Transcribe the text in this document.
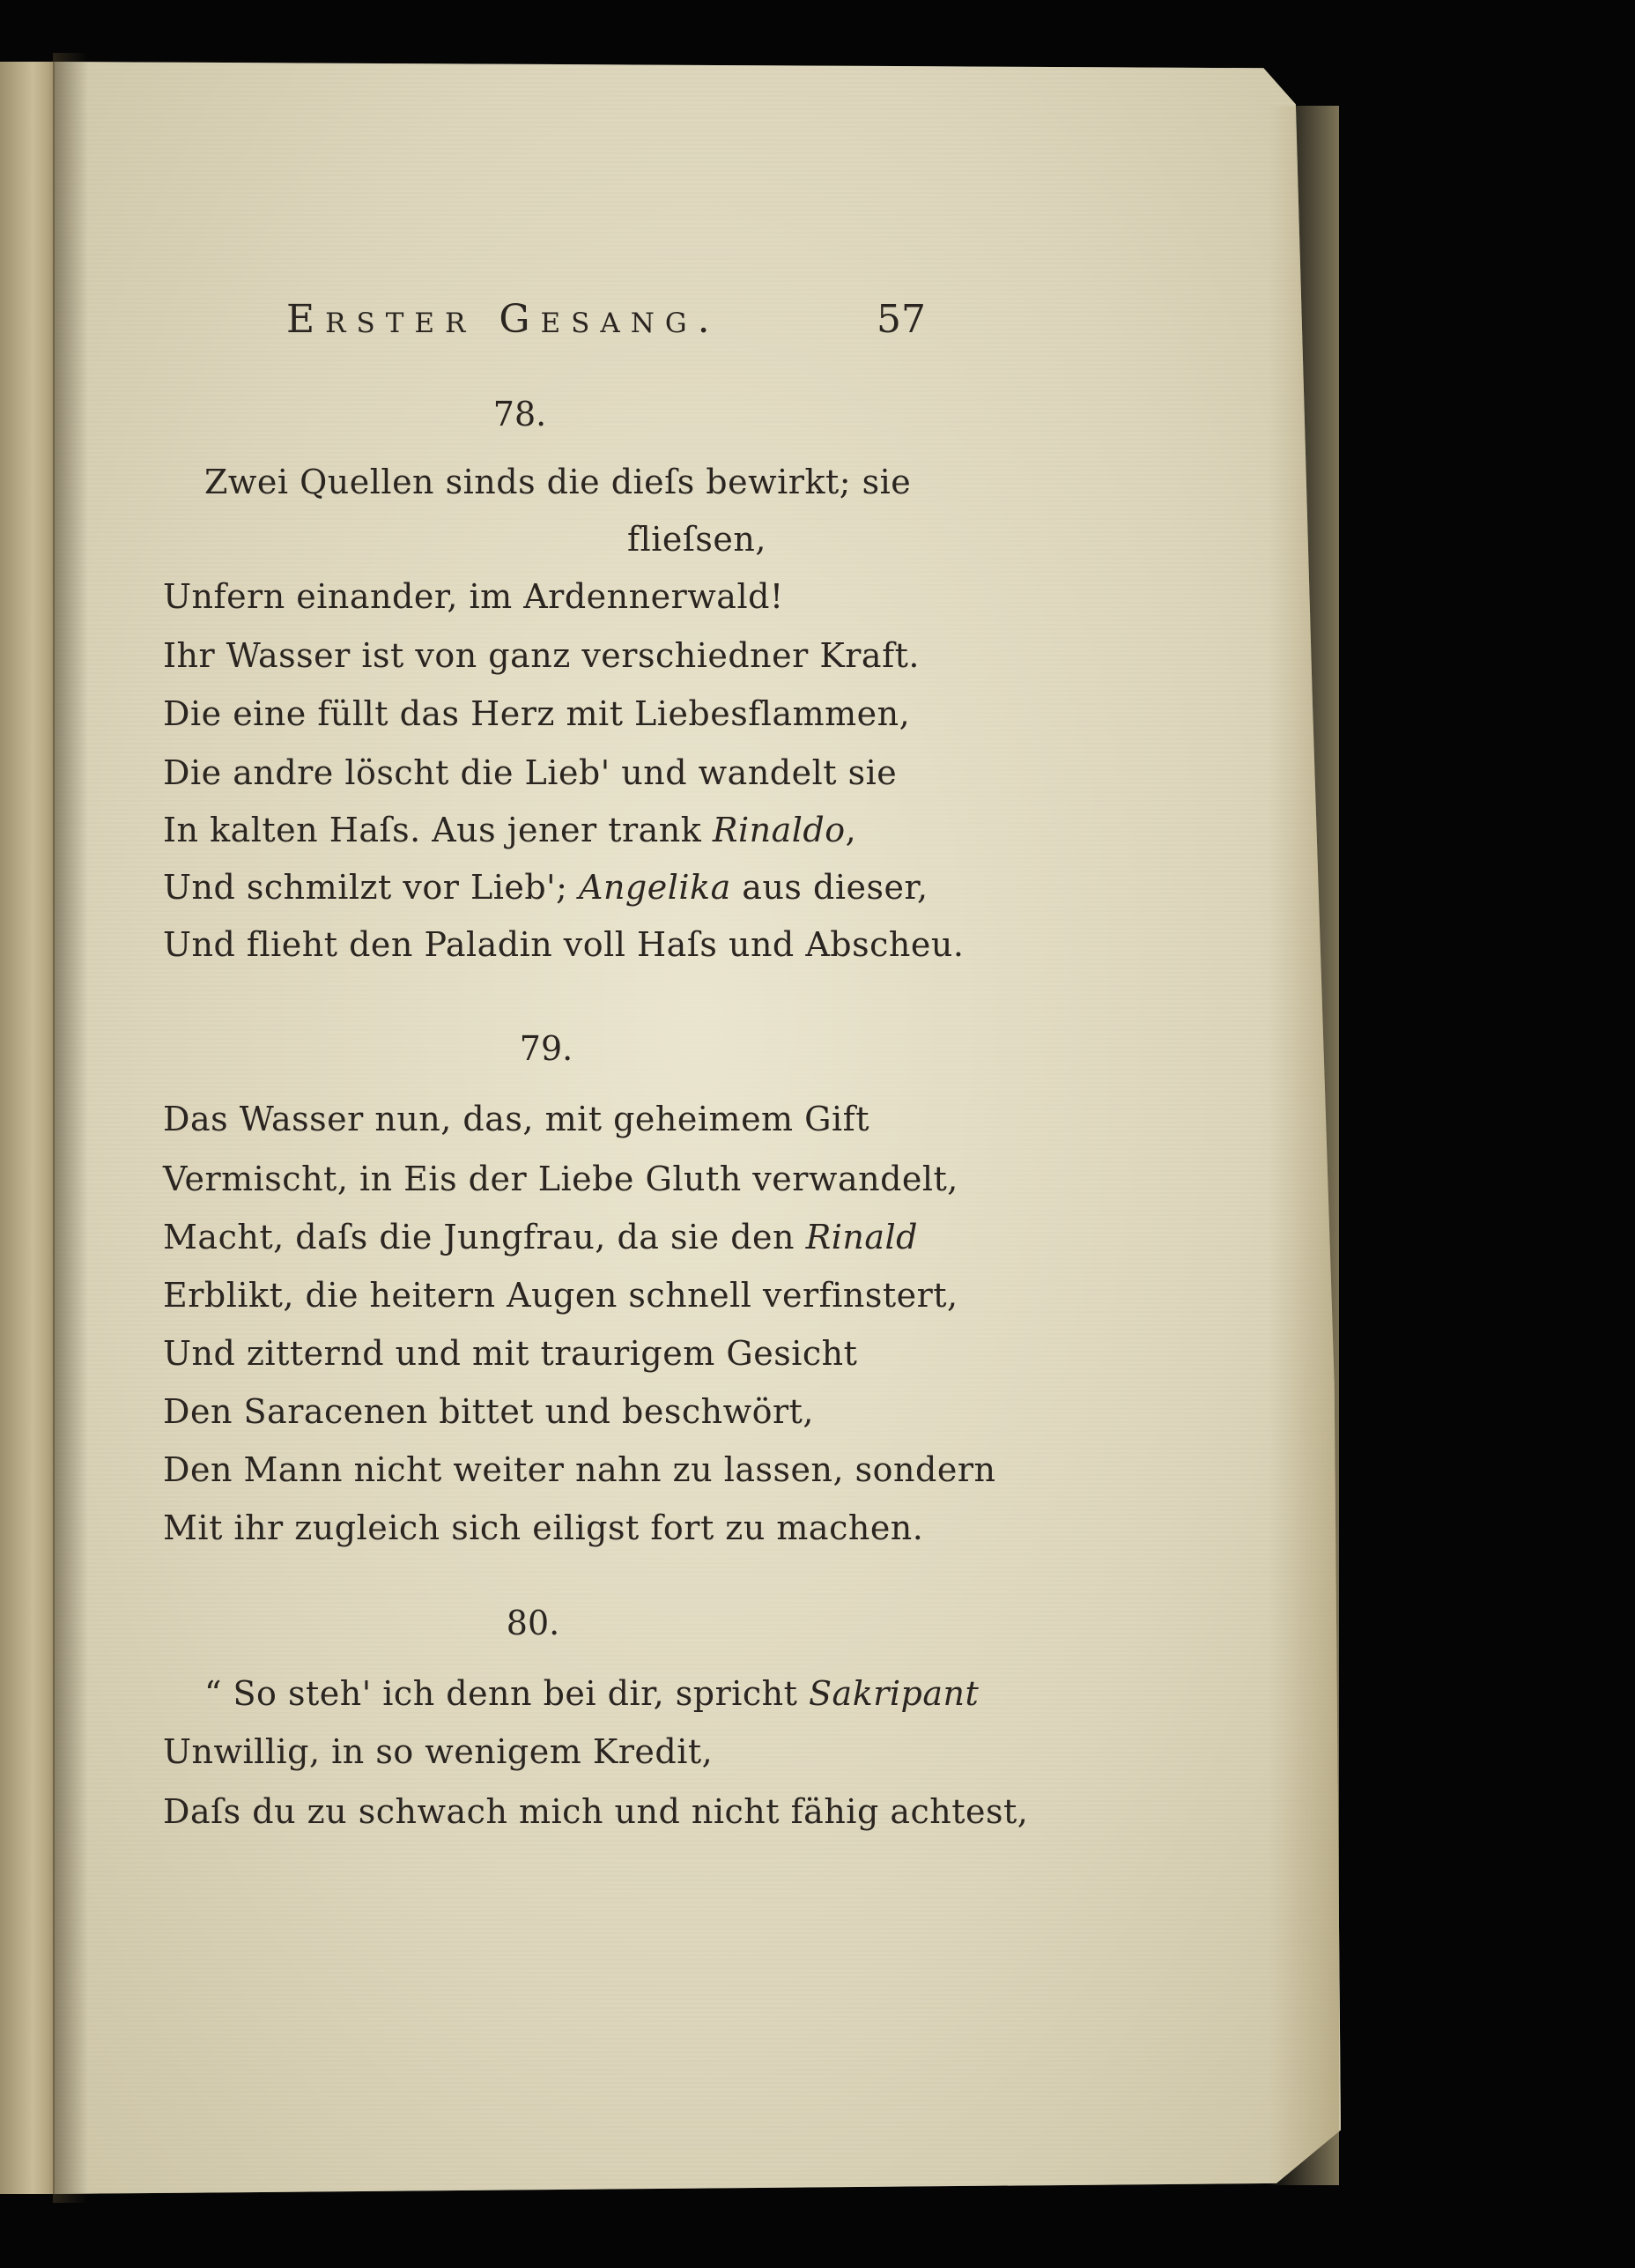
Erster Gesang.	57
78.
Zwei Quellen sinds die dieſs bewirkt; sie
flieſsen,
Unfern einander, im Ardennerwald!
Ihr Wasser ist von ganz verschiedner Kraft.
Die eine füllt das Herz mit Liebesflammen,
Die andre löscht die Lieb' und wandelt sie
In kalten Haſs. Aus jener trank Rinaldo,
Und schmilzt vor Lieb'; Angelika aus dieser,
Und flieht den Paladin voll Haſs und Abscheu.
79.
Das Wasser nun, das, mit geheimem Gift
Vermischt, in Eis der Liebe Gluth verwandelt,
Macht, daſs die Jungfrau, da sie den Rinald
Erblikt, die heitern Augen schnell verfinstert,
Und zitternd und mit traurigem Gesicht
Den Saracenen bittet und beschwört,
Den Mann nicht weiter nahn zu lassen, sondern
Mit ihr zugleich sich eiligst fort zu machen.
80.
“ So steh' ich denn bei dir, spricht Sakripant
Unwillig, in so wenigem Kredit,
Daſs du zu schwach mich und nicht fähig achtest,
